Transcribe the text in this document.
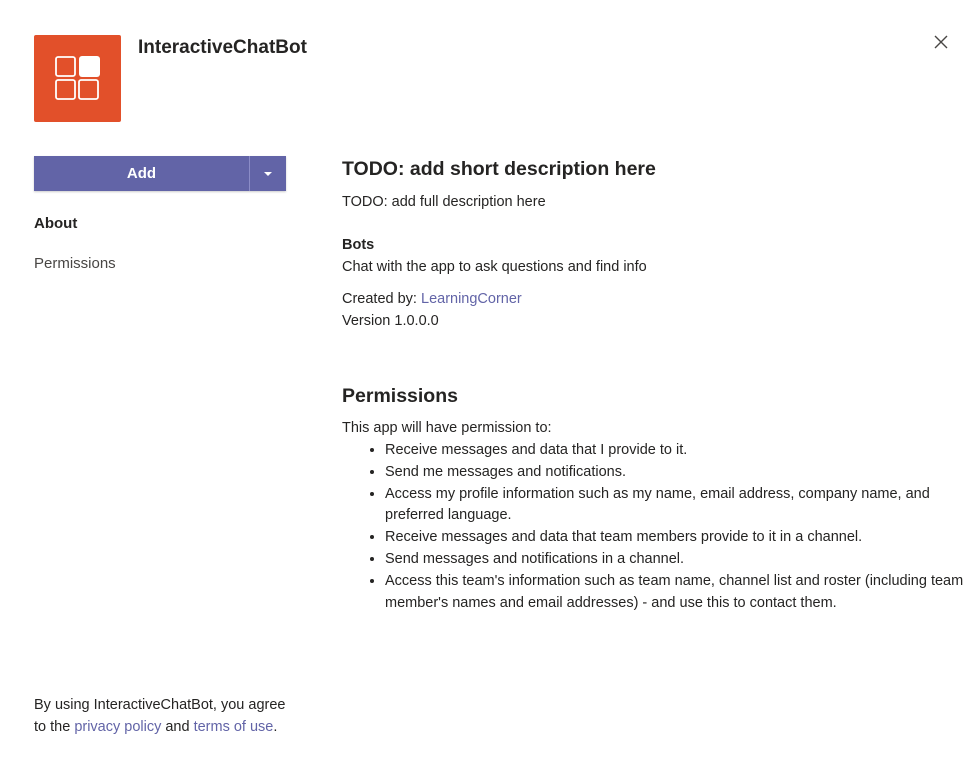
InteractiveChatBot
Add
About
Permissions
By using InteractiveChatBot, you agree to the privacy policy and terms of use.
TODO: add short description here
TODO: add full description here
Bots
Chat with the app to ask questions and find info
Created by: LearningCorner
Version 1.0.0.0
Permissions
This app will have permission to:
• Receive messages and data that I provide to it.
• Send me messages and notifications.
• Access my profile information such as my name, email address, company name, and preferred language.
• Receive messages and data that team members provide to it in a channel.
• Send messages and notifications in a channel.
• Access this team's information such as team name, channel list and roster (including team member's names and email addresses) - and use this to contact them.
